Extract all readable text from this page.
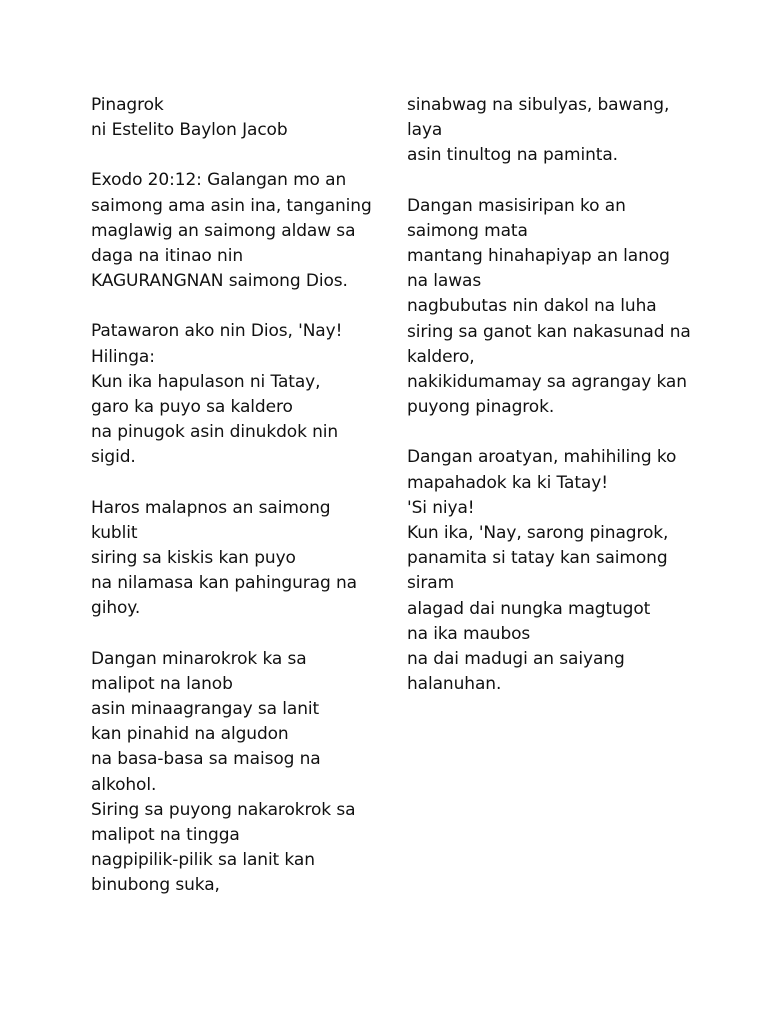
Pinagrok
ni Estelito Baylon Jacob
Exodo 20:12: Galangan mo an
saimong ama asin ina, tanganing
maglawig an saimong aldaw sa
daga na itinao nin
KAGURANGNAN saimong Dios.
Patawaron ako nin Dios, 'Nay!
Hilinga:
Kun ika hapulason ni Tatay,
garo ka puyo sa kaldero
na pinugok asin dinukdok nin
sigid.
Haros malapnos an saimong
kublit
siring sa kiskis kan puyo
na nilamasa kan pahingurag na
gihoy.
Dangan minarokrok ka sa
malipot na lanob
asin minaagrangay sa lanit
kan pinahid na algudon
na basa-basa sa maisog na
alkohol.
Siring sa puyong nakarokrok sa
malipot na tingga
nagpipilik-pilik sa lanit kan
binubong suka,
sinabwag na sibulyas, bawang,
laya
asin tinultog na paminta.
Dangan masisiripan ko an
saimong mata
mantang hinahapiyap an lanog
na lawas
nagbubutas nin dakol na luha
siring sa ganot kan nakasunad na
kaldero,
nakikidumamay sa agrangay kan
puyong pinagrok.
Dangan aroatyan, mahihiling ko
mapahadok ka ki Tatay!
'Si niya!
Kun ika, 'Nay, sarong pinagrok,
panamita si tatay kan saimong
siram
alagad dai nungka magtugot
na ika maubos
na dai madugi an saiyang
halanuhan.
